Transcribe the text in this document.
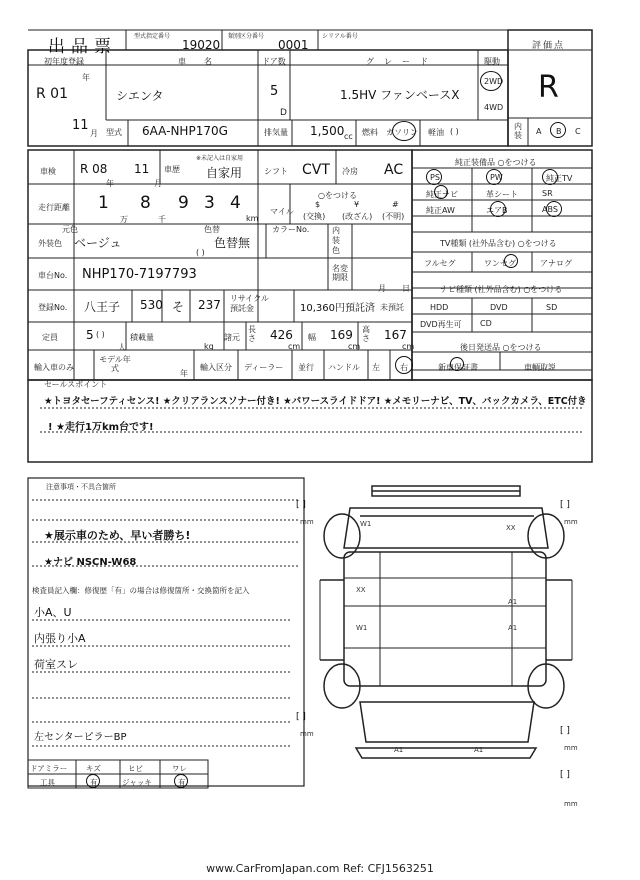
出品票
型式指定番号
19020
類別区分番号
0001
シリアル番号
評価点
R
初年度登録
年
R 01
11
月
車名
シエンタ
ドア数
5
D
グレード
1.5HV ファンベースX
駆動
2WD
4WD
型式 6AA-NHP170G	排気量 1,500 cc 燃料 ガソリン 軽油 ( )
内装 A B C
車検 R 08
年
11
月
車歴
※未記入は自家用
自家用	シフト CVT 冷房 AC
走行距離 1 8 9 3 4
万	千	km
○をつける
マイル
$
(交換)
¥
(改ざん)
#
(不明)
元色
外装色 ベージュ
色替
色替無
( )
カラーNo.	内装色
車台No. NHP170-7197793	名変期限
月 日
登録No. 八王子 530 そ 237 リサイクル預託金	10,360円預託済 未預託
定員 5 ( )
人
積載量
kg
諸元
長さ 426
cm
幅 169
cm
高さ 167
cm
輸入車のみ
モデル年式
年
輸入区分 ディーラー 並行 ハンドル 左	右
純正装備品 ○をつける
PS	PW	純正TV
純正ナビ	革シート	SR
純正AW	エアB	ABS
フルセグ	ワンセグ	アナログ
HDD	DVD	SD
DVD再生可 CD
TV種類 (社外品含む) ○をつける
ナビ種類 (社外品含む) ○をつける
後日発送品 ○をつける
新車保証書	車輌取説
セールスポイント
★トヨタセーフティセンス! ★クリアランスソナー付き! ★パワースライドドア! ★メモリーナビ、TV、バックカメラ、ETC付き
! ★走行1万km台です!
注意事項・不具合箇所
★展示車のため、早い者勝ち!
★ナビ NSCN-W68
検査員記入欄：修復歴「有」の場合は修復箇所・交換箇所を記入
小A、U
内張り小A
荷室スレ
左センターピラーBP
ドアミラー キズ	ヒビ	ワレ
工具	有	ジャッキ	有
W1	XX
XX
A1
W1	A1
A1	A1
[ ]
mm
[ ]
mm
[ ]
mm	[ ]
mm
[ ]
mm
www.CarFromJapan.com Ref: CFJ1563251
